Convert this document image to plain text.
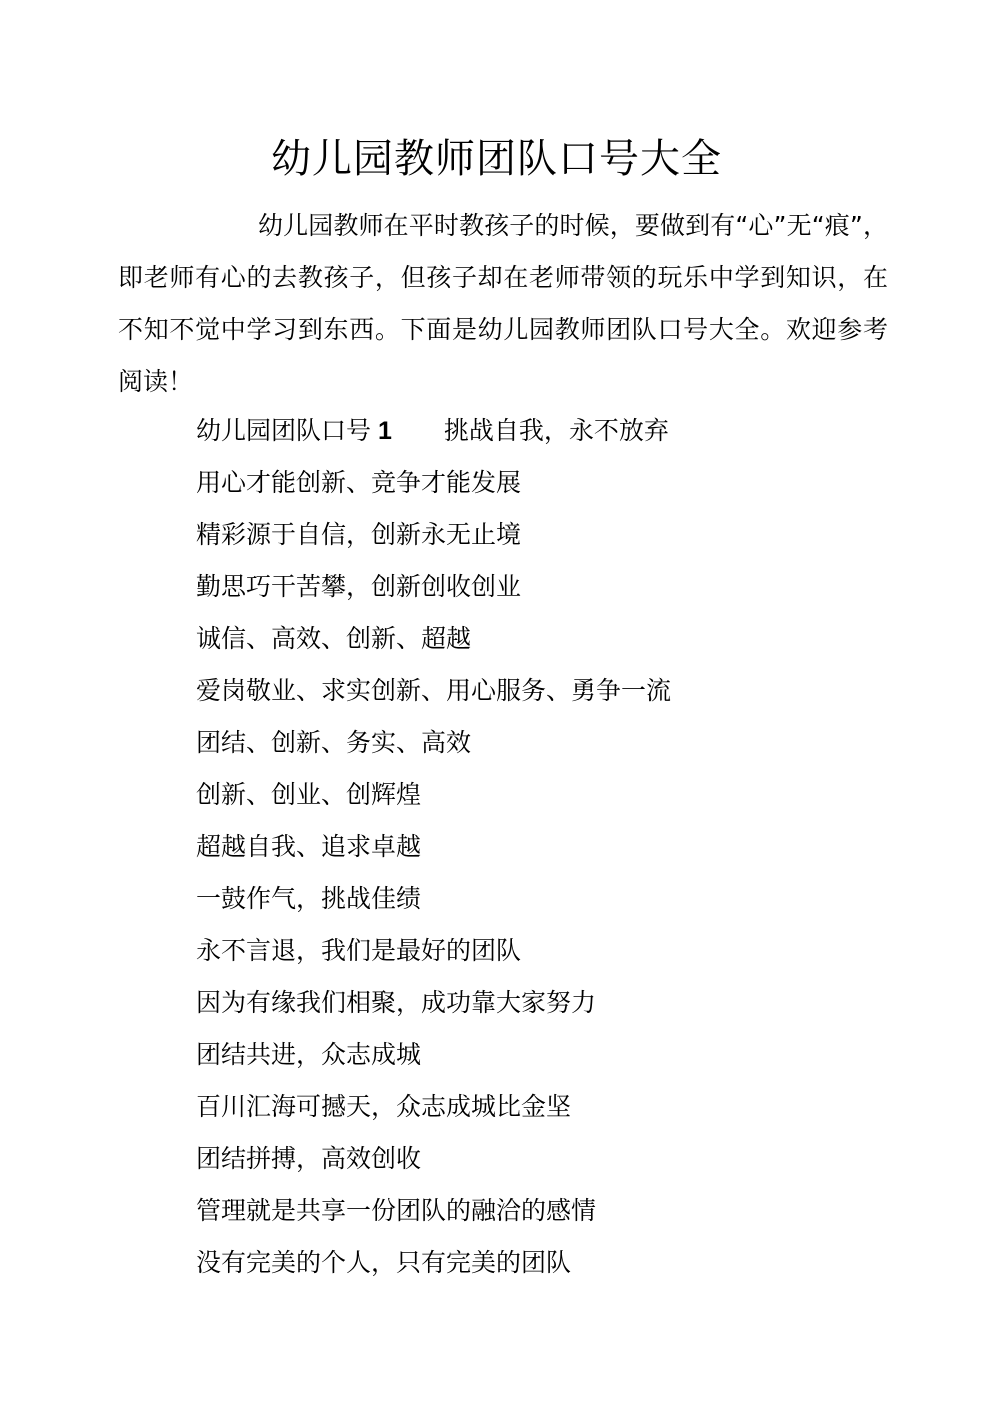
幼儿园教师团队口号大全

幼儿园教师在平时教孩子的时候，要做到有“心”无“痕”，即老师有心的去教孩子，但孩子却在老师带领的玩乐中学到知识，在不知不觉中学习到东西。下面是幼儿园教师团队口号大全。欢迎参考阅读！

幼儿园团队口号 1 挑战自我，永不放弃
用心才能创新、竞争才能发展
精彩源于自信，创新永无止境
勤思巧干苦攀，创新创收创业
诚信、高效、创新、超越
爱岗敬业、求实创新、用心服务、勇争一流
团结、创新、务实、高效
创新、创业、创辉煌
超越自我、追求卓越
一鼓作气，挑战佳绩
永不言退，我们是最好的团队
因为有缘我们相聚，成功靠大家努力
团结共进，众志成城
百川汇海可撼天，众志成城比金坚
团结拼搏，高效创收
管理就是共享一份团队的融洽的感情
没有完美的个人，只有完美的团队
